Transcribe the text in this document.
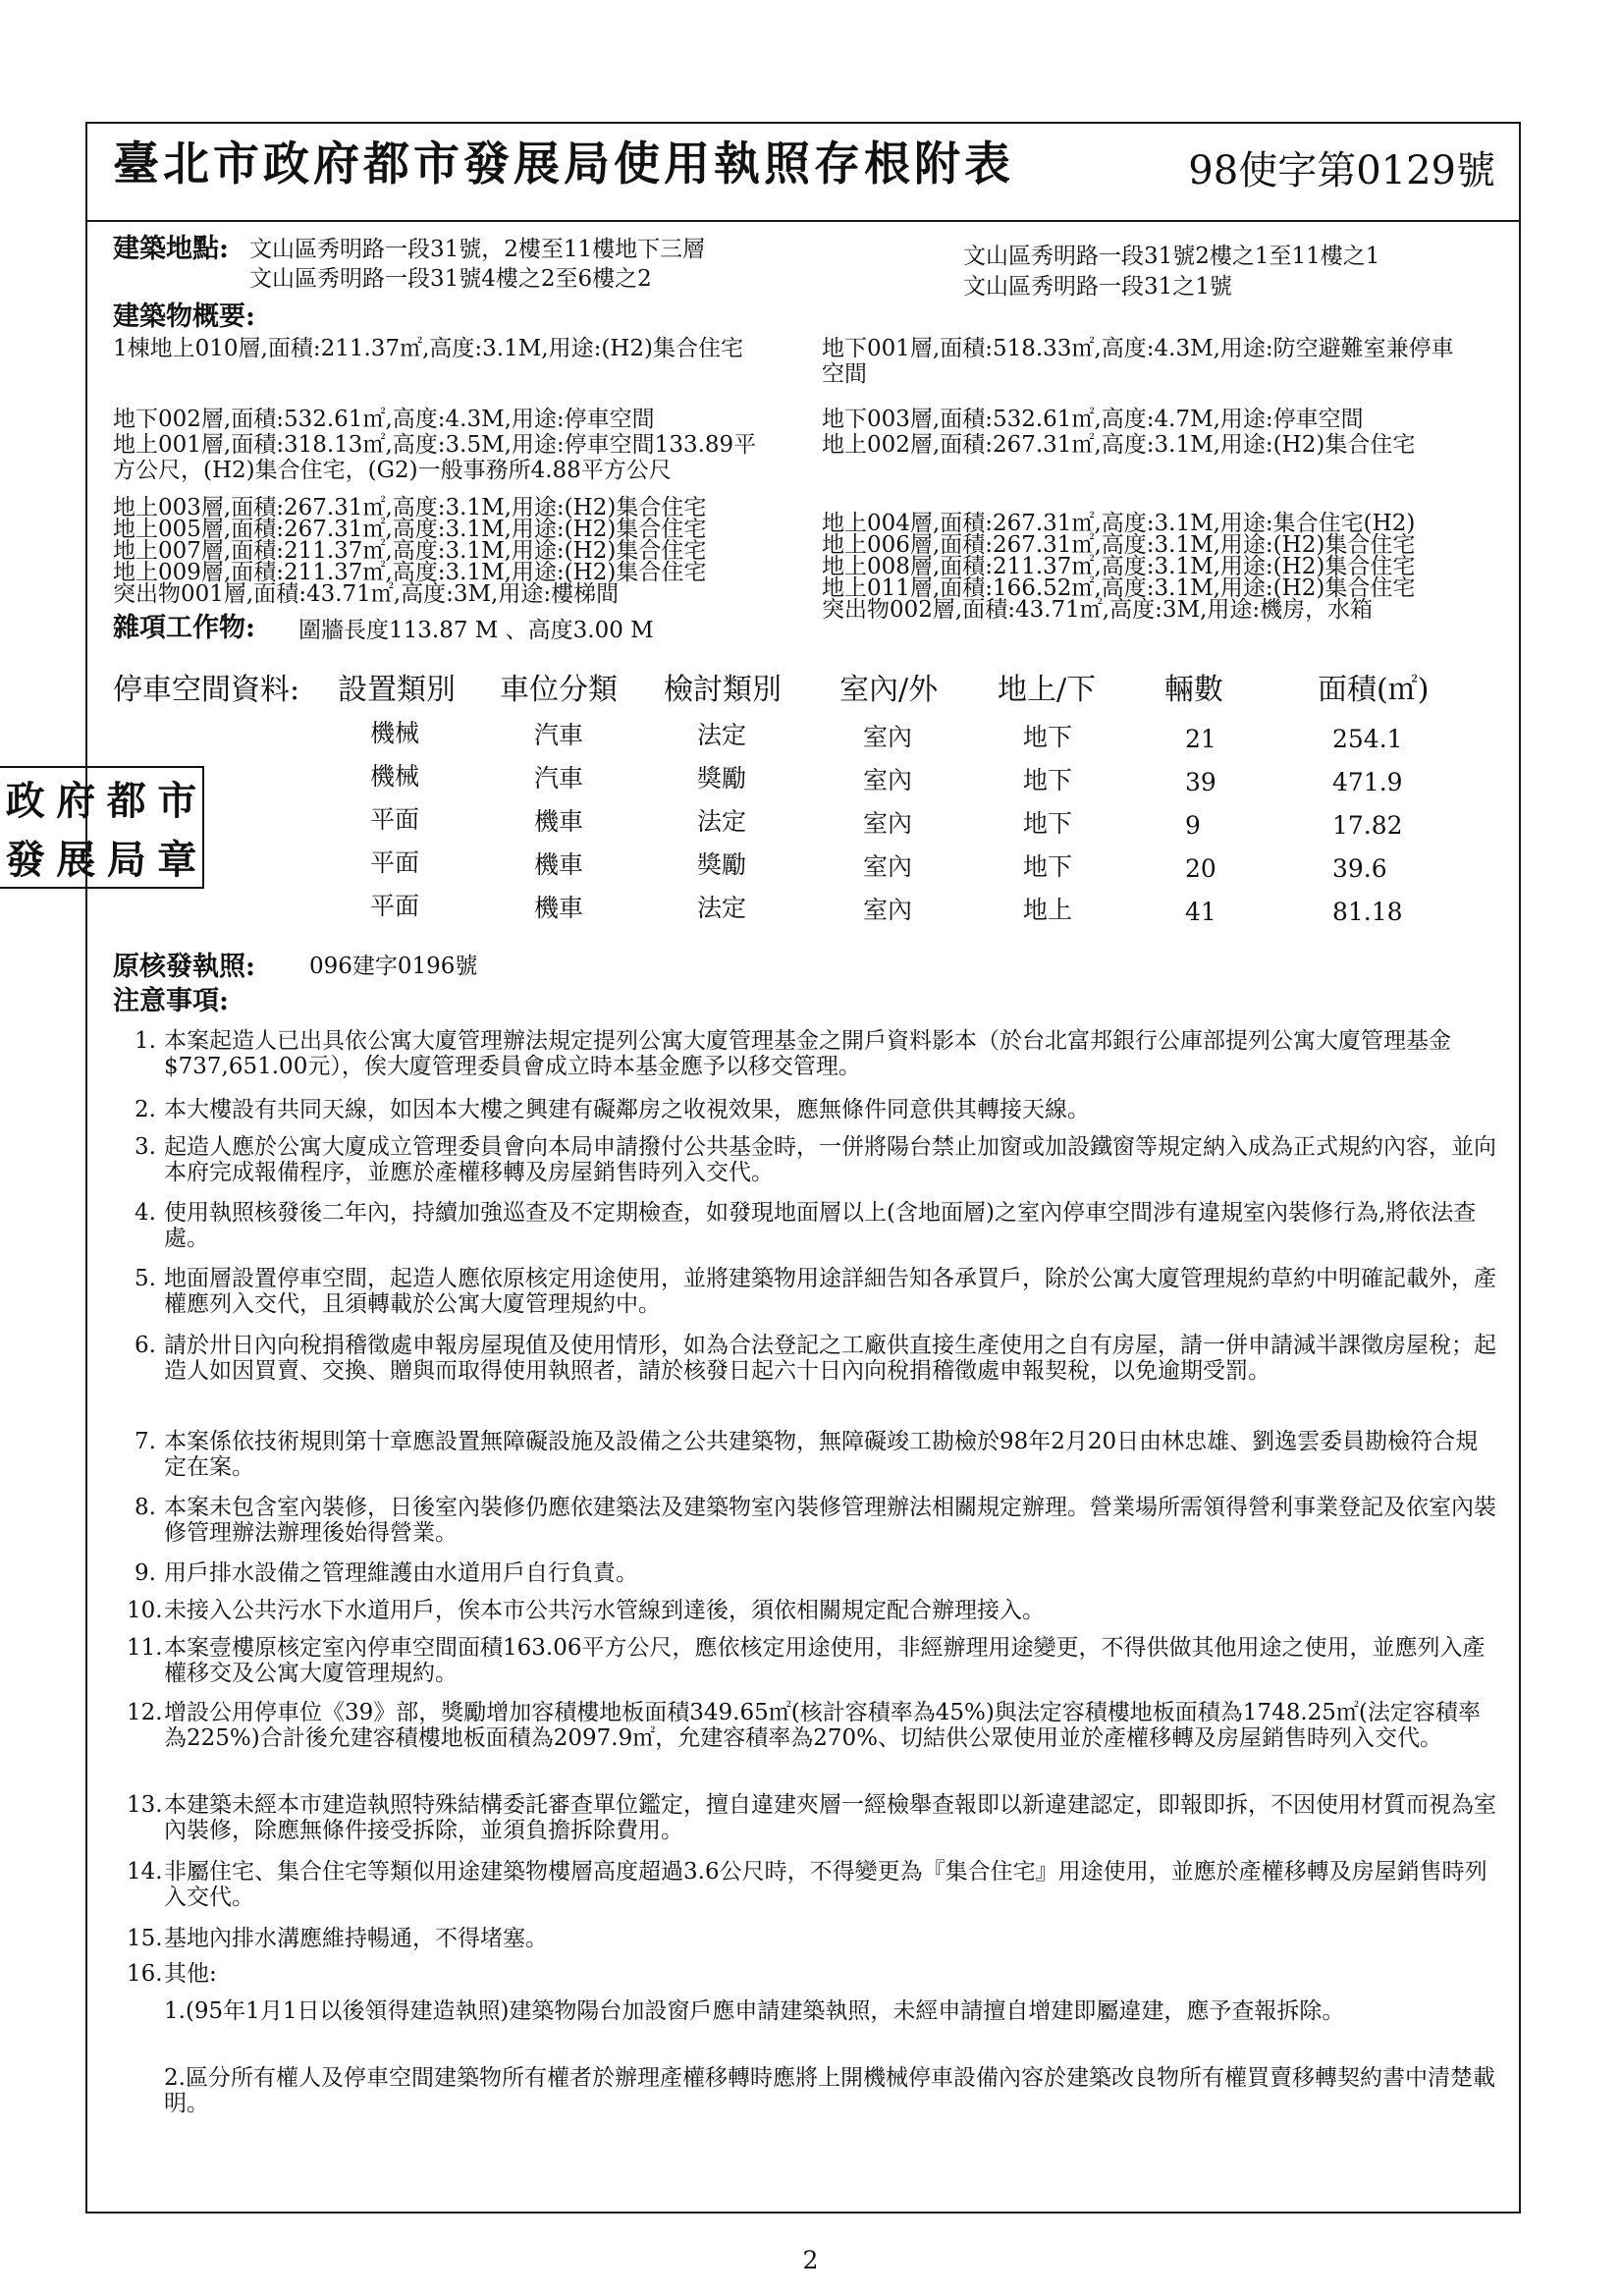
臺北市政府都市發展局使用執照存根附表	98使字第0129號
建築地點: 文山區秀明路一段31號，2樓至11樓地下三層
文山區秀明路一段31號4樓之2至6樓之2
文山區秀明路一段31號2樓之1至11樓之1
文山區秀明路一段31之1號
建築物概要:
1棟地上010層,面積:211.37㎡,高度:3.1M,用途:(H2)集合住宅
地下002層,面積:532.61㎡,高度:4.3M,用途:停車空間
地上001層,面積:318.13㎡,高度:3.5M,用途:停車空間133.89平
方公尺，(H2)集合住宅，(G2)一般事務所4.88平方公尺
地上003層,面積:267.31㎡,高度:3.1M,用途:(H2)集合住宅
地上005層,面積:267.31㎡,高度:3.1M,用途:(H2)集合住宅
地上007層,面積:211.37㎡,高度:3.1M,用途:(H2)集合住宅
地上009層,面積:211.37㎡,高度:3.1M,用途:(H2)集合住宅
突出物001層,面積:43.71㎡,高度:3M,用途:樓梯間
地下001層,面積:518.33㎡,高度:4.3M,用途:防空避難室兼停車
空間
地下003層,面積:532.61㎡,高度:4.7M,用途:停車空間
地上002層,面積:267.31㎡,高度:3.1M,用途:(H2)集合住宅
地上004層,面積:267.31㎡,高度:3.1M,用途:集合住宅(H2)
地上006層,面積:267.31㎡,高度:3.1M,用途:(H2)集合住宅
地上008層,面積:211.37㎡,高度:3.1M,用途:(H2)集合住宅
地上011層,面積:166.52㎡,高度:3.1M,用途:(H2)集合住宅
突出物002層,面積:43.71㎡,高度:3M,用途:機房，水箱
雜項工作物: 圍牆長度113.87 M 、高度3.00 M
停車空間資料: 設置類別 車位分類 檢討類別 室內/外 地上/下 輛數	面積(㎡)
機械	汽車	法定	室內	地下	21	254.1
機械	汽車	獎勵	室內	地下	39	471.9
平面	機車	法定	室內	地下	9	17.82
平面	機車	獎勵	室內	地下	20	39.6
平面	機車	法定	室內	地上	41	81.18
原核發執照: 096建字0196號
注意事項:
1. 本案起造人已出具依公寓大廈管理辦法規定提列公寓大廈管理基金之開戶資料影本（於台北富邦銀行公庫部提列公寓大廈管理基金$737,651.00元），俟大廈管理委員會成立時本基金應予以移交管理。
2. 本大樓設有共同天線，如因本大樓之興建有礙鄰房之收視效果，應無條件同意供其轉接天線。
3. 起造人應於公寓大廈成立管理委員會向本局申請撥付公共基金時，一併將陽台禁止加窗或加設鐵窗等規定納入成為正式規約內容，並向本府完成報備程序，並應於產權移轉及房屋銷售時列入交代。
4. 使用執照核發後二年內，持續加強巡查及不定期檢查，如發現地面層以上(含地面層)之室內停車空間涉有違規室內裝修行為,將依法查處。
5. 地面層設置停車空間，起造人應依原核定用途使用，並將建築物用途詳細告知各承買戶，除於公寓大廈管理規約草約中明確記載外，產權應列入交代，且須轉載於公寓大廈管理規約中。
6. 請於卅日內向稅捐稽徵處申報房屋現值及使用情形，如為合法登記之工廠供直接生產使用之自有房屋，請一併申請減半課徵房屋稅；起造人如因買賣、交換、贈與而取得使用執照者，請於核發日起六十日內向稅捐稽徵處申報契稅，以免逾期受罰。
7. 本案係依技術規則第十章應設置無障礙設施及設備之公共建築物，無障礙竣工勘檢於98年2月20日由林忠雄、劉逸雲委員勘檢符合規定在案。
8. 本案未包含室內裝修，日後室內裝修仍應依建築法及建築物室內裝修管理辦法相關規定辦理。營業場所需領得營利事業登記及依室內裝修管理辦法辦理後始得營業。
9. 用戶排水設備之管理維護由水道用戶自行負責。
10.未接入公共污水下水道用戶，俟本市公共污水管線到達後，須依相關規定配合辦理接入。
11.本案壹樓原核定室內停車空間面積163.06平方公尺，應依核定用途使用，非經辦理用途變更，不得供做其他用途之使用，並應列入產權移交及公寓大廈管理規約。
12.增設公用停車位《39》部，獎勵增加容積樓地板面積349.65㎡(核計容積率為45%)與法定容積樓地板面積為1748.25㎡(法定容積率為225%)合計後允建容積樓地板面積為2097.9㎡，允建容積率為270%、切結供公眾使用並於產權移轉及房屋銷售時列入交代。
13.本建築未經本市建造執照特殊結構委託審查單位鑑定，擅自違建夾層一經檢舉查報即以新違建認定，即報即拆，不因使用材質而視為室內裝修，除應無條件接受拆除，並須負擔拆除費用。
14.非屬住宅、集合住宅等類似用途建築物樓層高度超過3.6公尺時，不得變更為『集合住宅』用途使用，並應於產權移轉及房屋銷售時列入交代。
15.基地內排水溝應維持暢通，不得堵塞。
16.其他:
1.(95年1月1日以後領得建造執照)建築物陽台加設窗戶應申請建築執照，未經申請擅自增建即屬違建，應予查報拆除。
2.區分所有權人及停車空間建築物所有權者於辦理產權移轉時應將上開機械停車設備內容於建築改良物所有權買賣移轉契約書中清楚載明。
政 府 都 市
發 展 局 章
2
